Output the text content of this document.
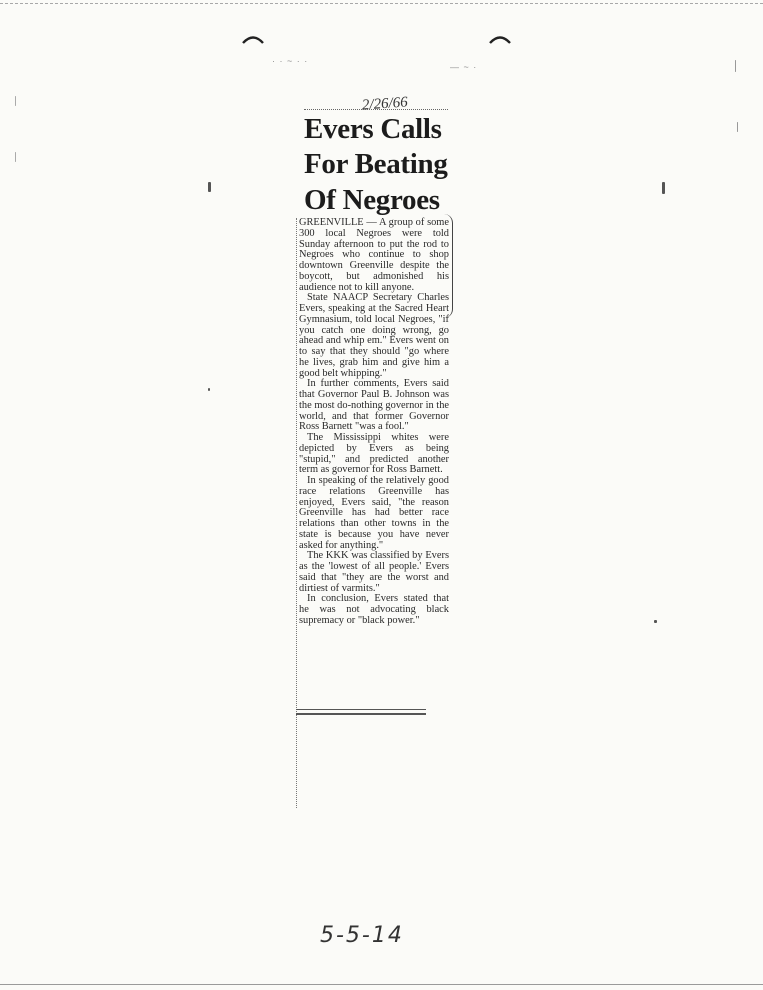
· · ~ · ·
— ~ ·
2/26/66
Evers Calls
For Beating
Of Negroes

GREENVILLE — A group of some 300 local Negroes were told Sunday afternoon to put the rod to Negroes who continue to shop downtown Greenville despite the boycott, but admonished his audience not to kill anyone.

State NAACP Secretary Charles Evers, speaking at the Sacred Heart Gymnasium, told local Negroes, "if you catch one doing wrong, go ahead and whip em." Evers went on to say that they should "go where he lives, grab him and give him a good belt whipping."

In further comments, Evers said that Governor Paul B. Johnson was the most do-nothing governor in the world, and that former Governor Ross Barnett "was a fool."

The Mississippi whites were depicted by Evers as being "stupid," and predicted another term as governor for Ross Barnett.

In speaking of the relatively good race relations Greenville has enjoyed, Evers said, "the reason Greenville has had better race relations than other towns in the state is because you have never asked for anything."

The KKK was classified by Evers as the 'lowest of all people.' Evers said that "they are the worst and dirtiest of varmits."

In conclusion, Evers stated that he was not advocating black supremacy or "black power."

5-5-14
